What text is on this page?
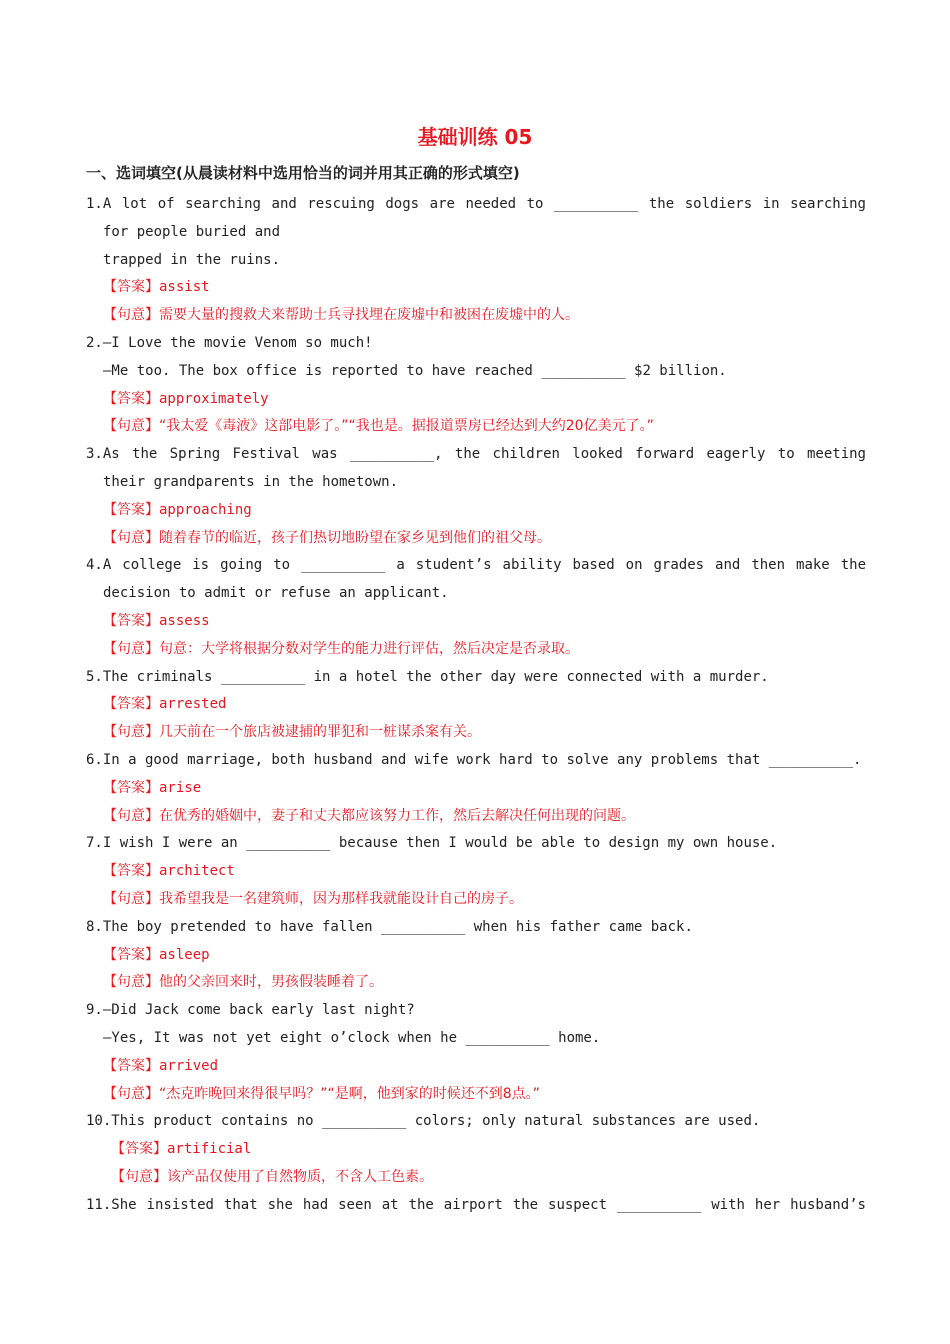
基础训练 05
一、选词填空(从晨读材料中选用恰当的词并用其正确的形式填空)
1.A lot of searching and rescuing dogs are needed to __________ the soldiers in searching
for people buried and
trapped in the ruins.
【答案】assist
【句意】需要大量的搜救犬来帮助士兵寻找埋在废墟中和被困在废墟中的人。
2.—I Love the movie Venom so much!
—Me too. The box office is reported to have reached __________ $2 billion.
【答案】approximately
【句意】“我太爱《毒液》这部电影了。”“我也是。据报道票房已经达到大约20亿美元了。”
3.As the Spring Festival was __________, the children looked forward eagerly to meeting
their grandparents in the hometown.
【答案】approaching
【句意】随着春节的临近，孩子们热切地盼望在家乡见到他们的祖父母。
4.A college is going to __________ a student’s ability based on grades and then make the
decision to admit or refuse an applicant.
【答案】assess
【句意】句意：大学将根据分数对学生的能力进行评估，然后决定是否录取。
5.The criminals __________ in a hotel the other day were connected with a murder.
【答案】arrested
【句意】几天前在一个旅店被逮捕的罪犯和一桩谋杀案有关。
6.In a good marriage, both husband and wife work hard to solve any problems that __________.
【答案】arise
【句意】在优秀的婚姻中，妻子和丈夫都应该努力工作，然后去解决任何出现的问题。
7.I wish I were an __________ because then I would be able to design my own house.
【答案】architect
【句意】我希望我是一名建筑师，因为那样我就能设计自己的房子。
8.The boy pretended to have fallen __________ when his father came back.
【答案】asleep
【句意】他的父亲回来时，男孩假装睡着了。
9.—Did Jack come back early last night?
—Yes, It was not yet eight o’clock when he __________ home.
【答案】arrived
【句意】“杰克昨晚回来得很早吗？”“是啊，他到家的时候还不到8点。”
10.This product contains no __________ colors; only natural substances are used.
【答案】artificial
【句意】该产品仅使用了自然物质，不含人工色素。
11.She insisted that she had seen at the airport the suspect __________ with her husband’s
